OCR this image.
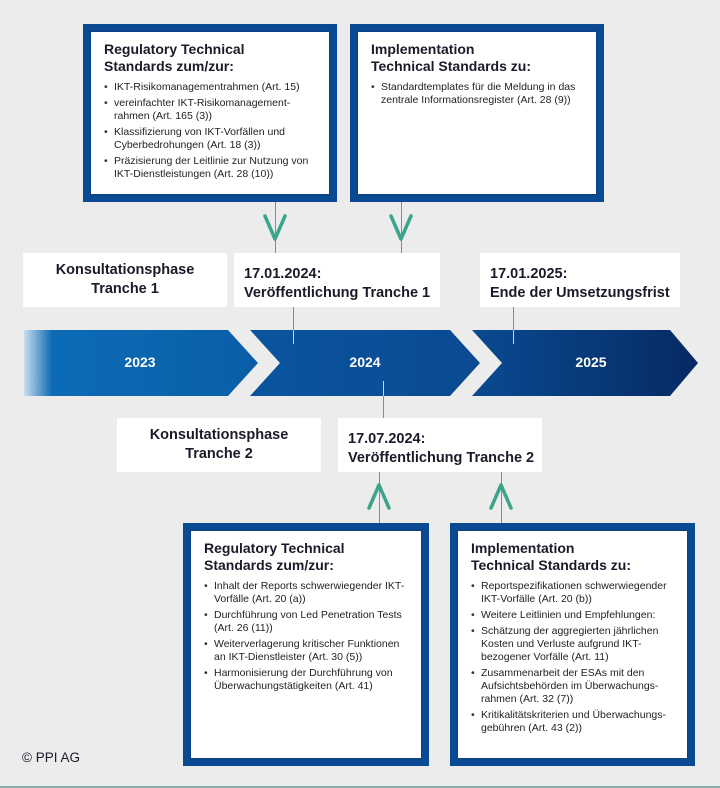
Regulatory Technical
Standards zum/zur:
• IKT-Risikomanagementrahmen (Art. 15)
• vereinfachter IKT-Risikomanagement-rahmen (Art. 165 (3))
• Klassifizierung von IKT-Vorfällen und Cyberbedrohungen (Art. 18 (3))
• Präzisierung der Leitlinie zur Nutzung von IKT-Dienstleistungen (Art. 28 (10))
Implementation
Technical Standards zu:
• Standardtemplates für die Meldung in das zentrale Informationsregister (Art. 28 (9))
Konsultationsphase
Tranche 1
17.01.2024:
Veröffentlichung Tranche 1
17.01.2025:
Ende der Umsetzungsfrist
2023	2024	2025
Konsultationsphase
Tranche 2
17.07.2024:
Veröffentlichung Tranche 2
Regulatory Technical
Standards zum/zur:
• Inhalt der Reports schwerwiegender IKT-Vorfälle (Art. 20 (a))
• Durchführung von Led Penetration Tests (Art. 26 (11))
• Weiterverlagerung kritischer Funktionen an IKT-Dienstleister (Art. 30 (5))
• Harmonisierung der Durchführung von Überwachungstätigkeiten (Art. 41)
Implementation
Technical Standards zu:
• Reportspezifikationen schwerwiegender IKT-Vorfälle (Art. 20 (b))
• Weitere Leitlinien und Empfehlungen:
• Schätzung der aggregierten jährlichen Kosten und Verluste aufgrund IKT-bezogener Vorfälle (Art. 11)
• Zusammenarbeit der ESAs mit den Aufsichtsbehörden im Überwachungs-rahmen (Art. 32 (7))
• Kritikalitätskriterien und Überwachungs-gebühren (Art. 43 (2))
© PPI AG
